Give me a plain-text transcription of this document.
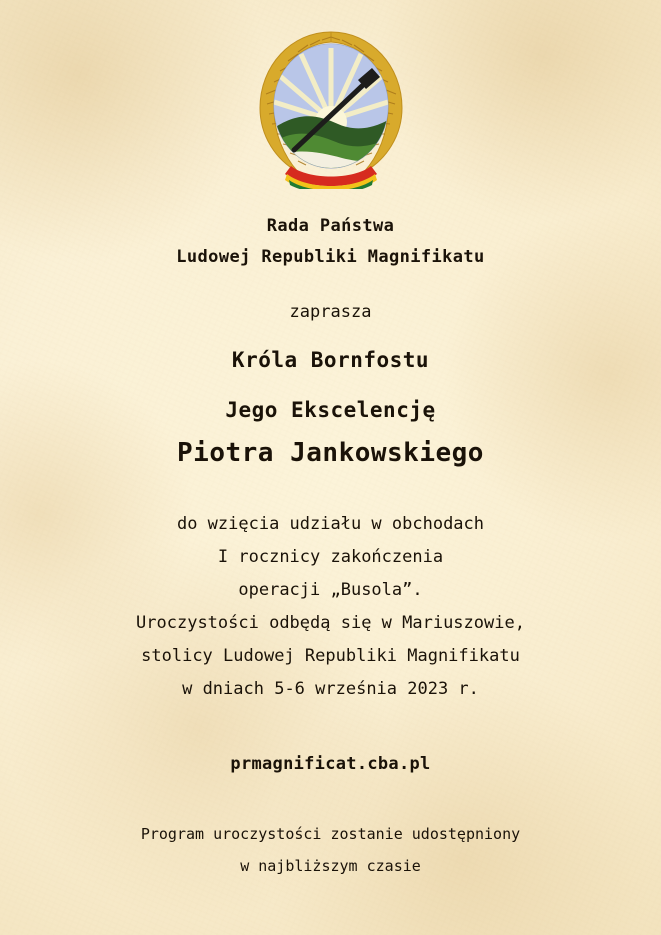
Rada Państwa
Ludowej Republiki Magnifikatu
zaprasza
Króla Bornfostu
Jego Ekscelencję
Piotra Jankowskiego
do wzięcia udziału w obchodach
I rocznicy zakończenia
operacji „Busola”.
Uroczystości odbędą się w Mariuszowie,
stolicy Ludowej Republiki Magnifikatu
w dniach 5-6 września 2023 r.
prmagnificat.cba.pl
Program uroczystości zostanie udostępniony
w najbliższym czasie
